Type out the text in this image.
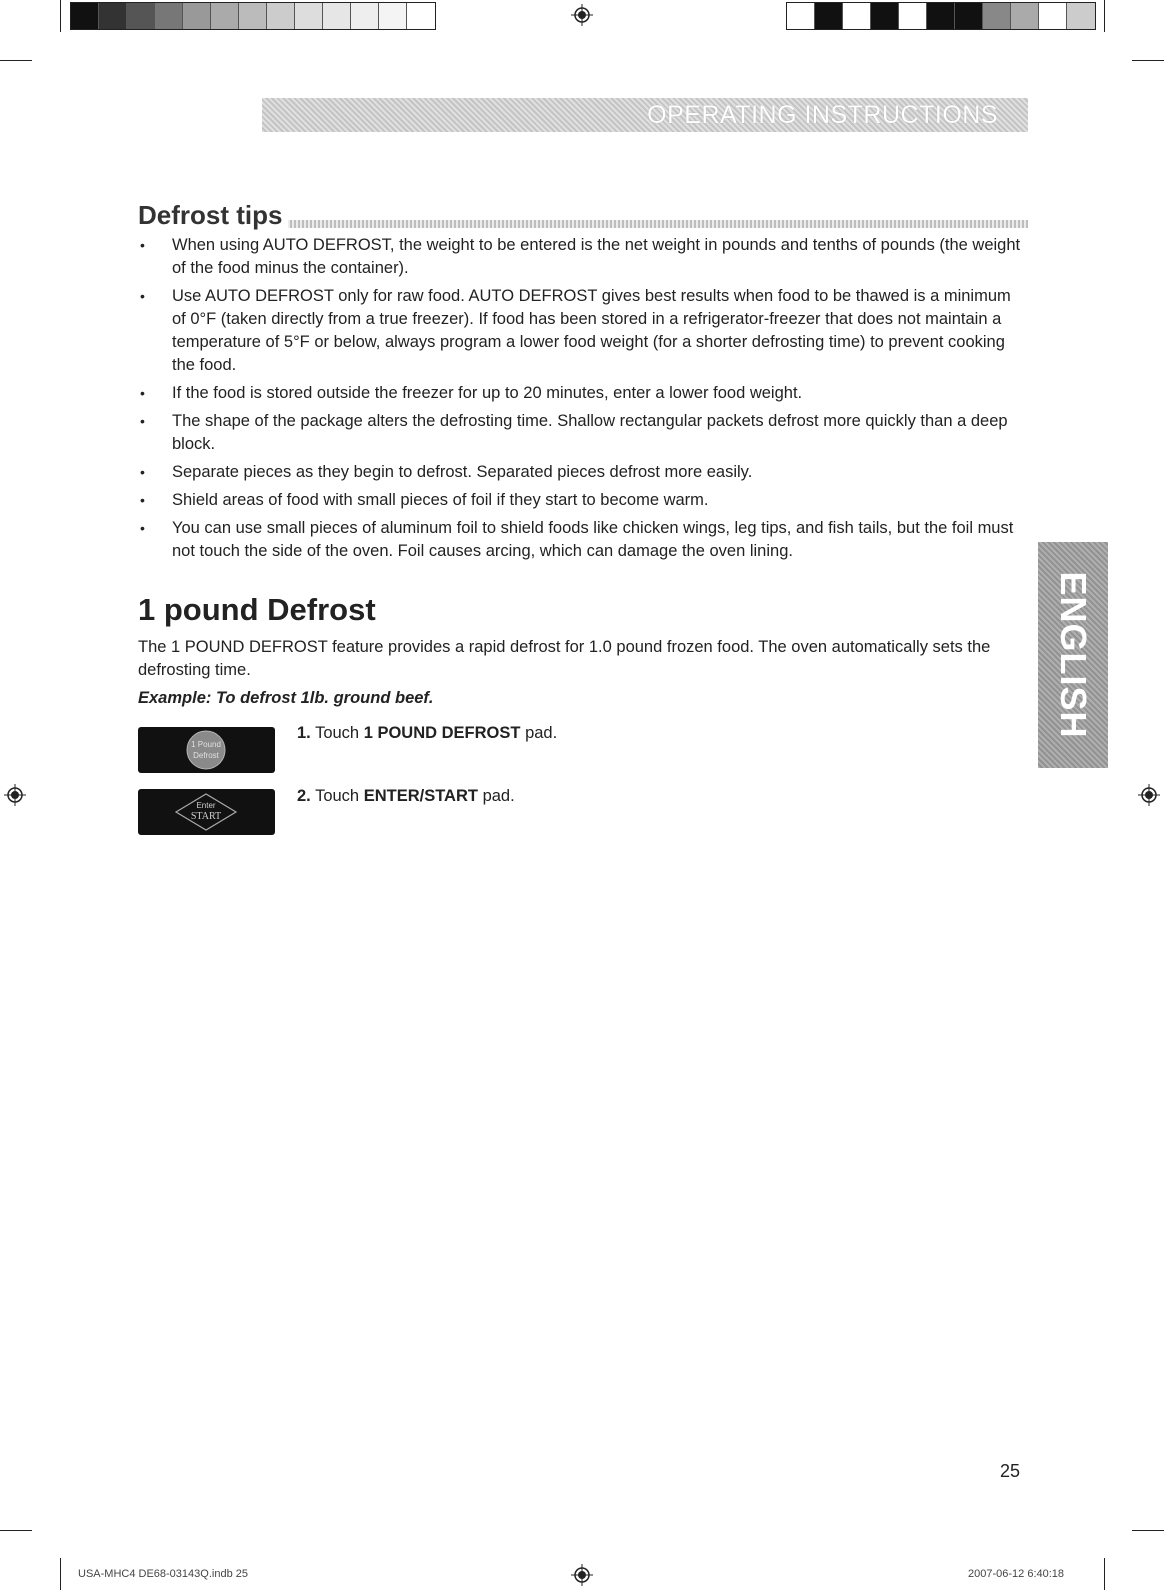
OPERATING INSTRUCTIONS
Defrost tips
• When using AUTO DEFROST, the weight to be entered is the net weight in pounds and tenths of pounds (the weight of the food minus the container).
• Use AUTO DEFROST only for raw food. AUTO DEFROST gives best results when food to be thawed is a minimum of 0°F (taken directly from a true freezer). If food has been stored in a refrigerator-freezer that does not maintain a temperature of 5°F or below, always program a lower food weight (for a shorter defrosting time) to prevent cooking the food.
• If the food is stored outside the freezer for up to 20 minutes, enter a lower food weight.
• The shape of the package alters the defrosting time. Shallow rectangular packets defrost more quickly than a deep block.
• Separate pieces as they begin to defrost. Separated pieces defrost more easily.
• Shield areas of food with small pieces of foil if they start to become warm.
• You can use small pieces of aluminum foil to shield foods like chicken wings, leg tips, and fish tails, but the foil must not touch the side of the oven. Foil causes arcing, which can damage the oven lining.
1 pound Defrost

The 1 POUND DEFROST feature provides a rapid defrost for 1.0 pound frozen food. The oven automatically sets the defrosting time.

Example: To defrost 1lb. ground beef.

1 Pound
Defrost

1. Touch 1 POUND DEFROST pad.

Enter
START

2. Touch ENTER/START pad.

ENGLISH

25

USA-MHC4 DE68-03143Q.indb 25	2007-06-12 6:40:18
